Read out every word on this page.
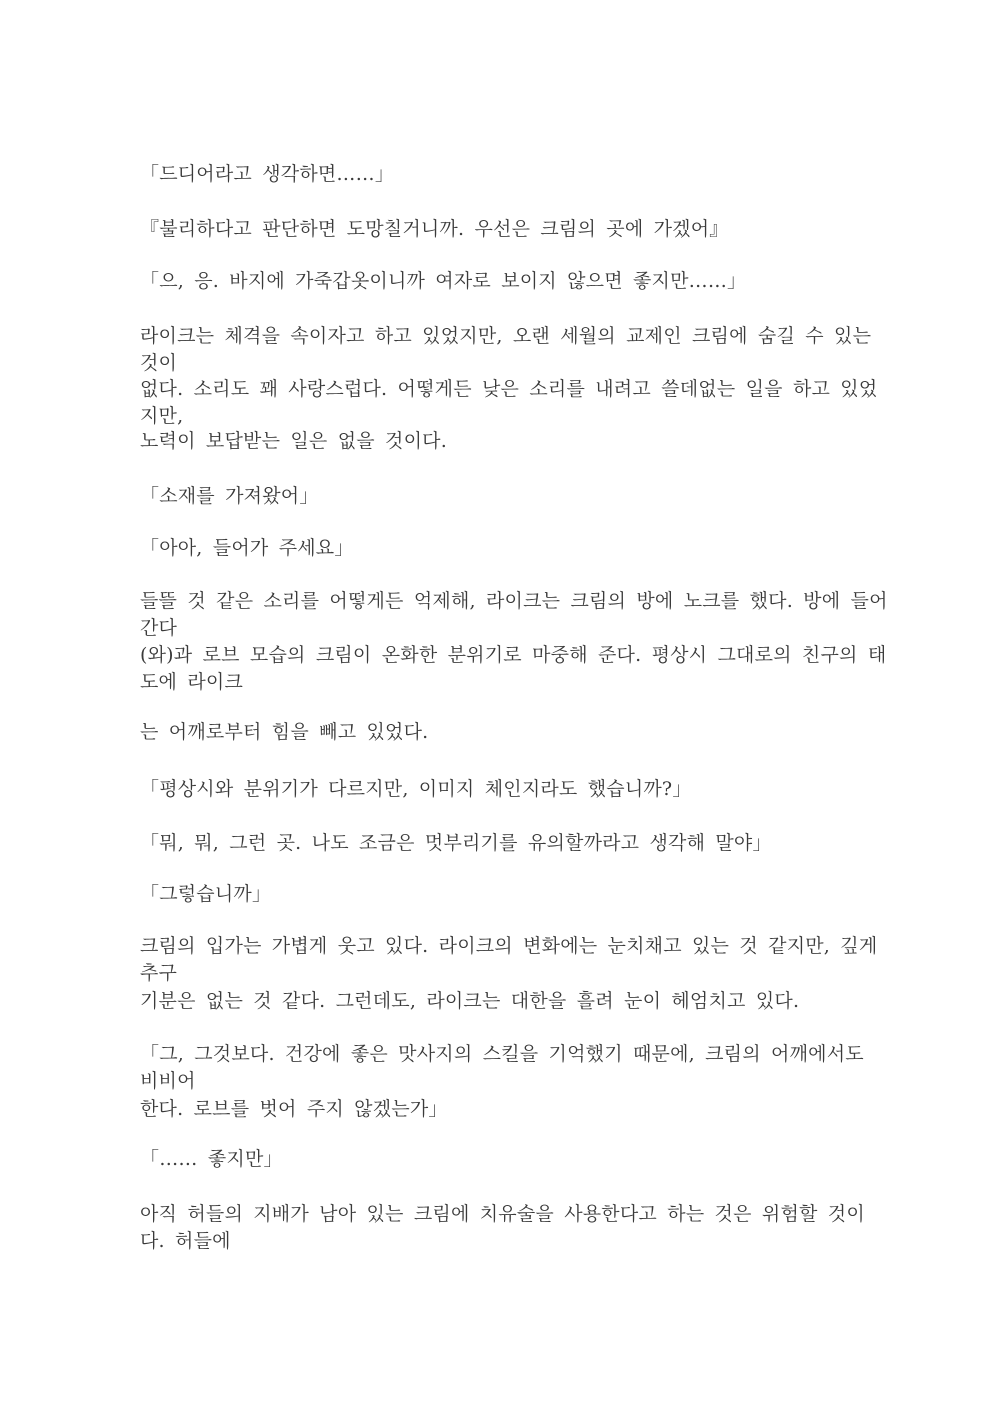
「드디어라고 생각하면……」
『불리하다고 판단하면 도망칠거니까. 우선은 크림의 곳에 가겠어』
「으, 응. 바지에 가죽갑옷이니까 여자로 보이지 않으면 좋지만……」
라이크는 체격을 속이자고 하고 있었지만, 오랜 세월의 교제인 크림에 숨길 수 있는 것이
없다. 소리도 꽤 사랑스럽다. 어떻게든 낮은 소리를 내려고 쓸데없는 일을 하고 있었지만,
노력이 보답받는 일은 없을 것이다.
「소재를 가져왔어」
「아아, 들어가 주세요」
들뜰 것 같은 소리를 어떻게든 억제해, 라이크는 크림의 방에 노크를 했다. 방에 들어간다
(와)과 로브 모습의 크림이 온화한 분위기로 마중해 준다. 평상시 그대로의 친구의 태도에 라이크
는 어깨로부터 힘을 빼고 있었다.
「평상시와 분위기가 다르지만, 이미지 체인지라도 했습니까?」
「뭐, 뭐, 그런 곳. 나도 조금은 멋부리기를 유의할까라고 생각해 말야」
「그렇습니까」
크림의 입가는 가볍게 웃고 있다. 라이크의 변화에는 눈치채고 있는 것 같지만, 깊게 추구
기분은 없는 것 같다. 그런데도, 라이크는 대한을 흘려 눈이 헤엄치고 있다.
「그, 그것보다. 건강에 좋은 맛사지의 스킬을 기억했기 때문에, 크림의 어깨에서도 비비어
한다. 로브를 벗어 주지 않겠는가」
「…… 좋지만」
아직 허들의 지배가 남아 있는 크림에 치유술을 사용한다고 하는 것은 위험할 것이다. 허들에
